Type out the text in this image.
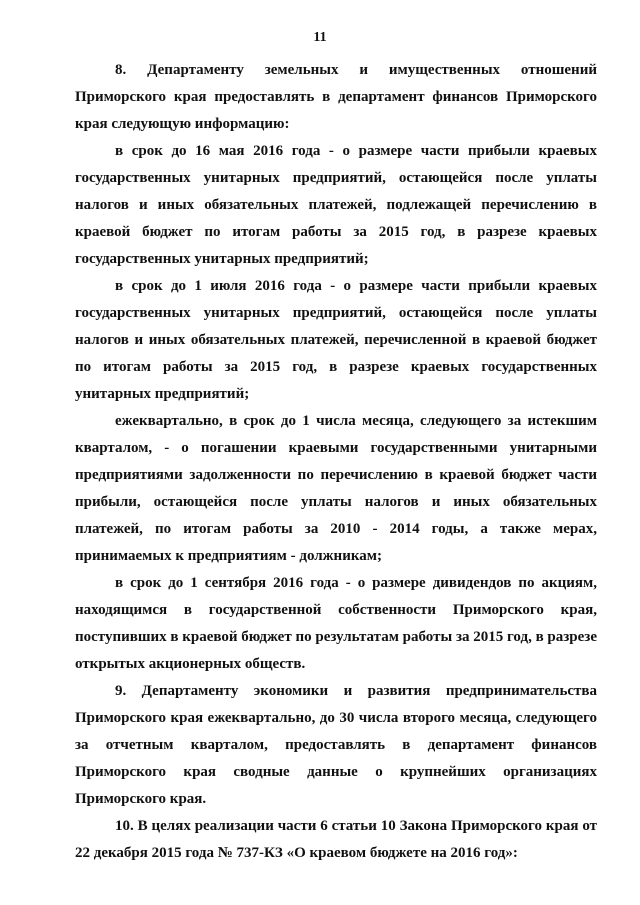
11

8. Департаменту земельных и имущественных отношений Приморского края предоставлять в департамент финансов Приморского края следующую информацию:

в срок до 16 мая 2016 года - о размере части прибыли краевых государственных унитарных предприятий, остающейся после уплаты налогов и иных обязательных платежей, подлежащей перечислению в краевой бюджет по итогам работы за 2015 год, в разрезе краевых государственных унитарных предприятий;

в срок до 1 июля 2016 года - о размере части прибыли краевых государственных унитарных предприятий, остающейся после уплаты налогов и иных обязательных платежей, перечисленной в краевой бюджет по итогам работы за 2015 год, в разрезе краевых государственных унитарных предприятий;

ежеквартально, в срок до 1 числа месяца, следующего за истекшим кварталом, - о погашении краевыми государственными унитарными предприятиями задолженности по перечислению в краевой бюджет части прибыли, остающейся после уплаты налогов и иных обязательных платежей, по итогам работы за 2010 - 2014 годы, а также мерах, принимаемых к предприятиям - должникам;

в срок до 1 сентября 2016 года - о размере дивидендов по акциям, находящимся в государственной собственности Приморского края, поступивших в краевой бюджет по результатам работы за 2015 год, в разрезе открытых акционерных обществ.

9. Департаменту экономики и развития предпринимательства Приморского края ежеквартально, до 30 числа второго месяца, следующего за отчетным кварталом, предоставлять в департамент финансов Приморского края сводные данные о крупнейших организациях Приморского края.

10. В целях реализации части 6 статьи 10 Закона Приморского края от 22 декабря 2015 года № 737-КЗ «О краевом бюджете на 2016 год»:
